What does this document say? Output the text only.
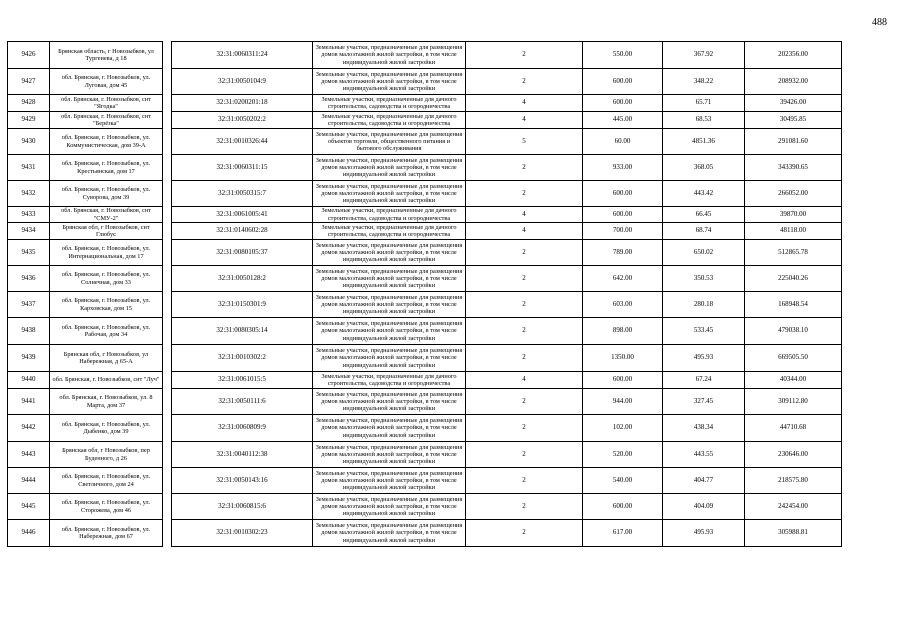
488
9426	Брянская область, г Новозыбков, ул Тургенева, д 18		32:31:0060311:24	Земельные участки, предназначенные для размещения домов малоэтажной жилой застройки, в том числе индивидуальной жилой застройки	2	550.00	367.92	202356.00
9427	обл. Брянская, г. Новозыбков, ул. Луговая, дом 45		32:31:0050104:9	Земельные участки, предназначенные для размещения домов малоэтажной жилой застройки, в том числе индивидуальной жилой застройки	2	600.00	348.22	208932.00
9428	обл. Брянская, г. Новозыбков, снт "Ягодка"		32:31:0200201:18	Земельные участки, предназначенные для дачного строительства, садоводства и огородничества	4	600.00	65.71	39426.00
9429	обл. Брянская, г. Новозыбков, снт "Берёзка"		32:31:0050202:2	Земельные участки, предназначенные для дачного строительства, садоводства и огородничества	4	445.00	68.53	30495.85
9430	обл. Брянская, г. Новозыбков, ул. Коммунистическая, дом 39-А		32:31:0010326:44	Земельные участки, предназначенные для размещения объектов торговли, общественного питания и бытового обслуживания	5	60.00	4851.36	291081.60
9431	обл. Брянская, г. Новозыбков, ул. Крестьянская, дом 17		32:31:0060311:15	Земельные участки, предназначенные для размещения домов малоэтажной жилой застройки, в том числе индивидуальной жилой застройки	2	933.00	368.05	343390.65
9432	обл. Брянская, г. Новозыбков, ул. Суворова, дом 39		32:31:0050315:7	Земельные участки, предназначенные для размещения домов малоэтажной жилой застройки, в том числе индивидуальной жилой застройки	2	600.00	443.42	266052.00
9433	обл. Брянская, г. Новозыбков, снт "СМУ-2"		32:31:0061005:41	Земельные участки, предназначенные для дачного строительства, садоводства и огородничества	4	600.00	66.45	39870.00
9434	Брянская обл, г Новозыбков, снт Глюбус		32:31:0140602:28	Земельные участки, предназначенные для дачного строительства, садоводства и огородничества	4	700.00	68.74	48118.00
9435	обл. Брянская, г. Новозыбков, ул. Интернациональная, дом 17		32:31:0080105:37	Земельные участки, предназначенные для размещения домов малоэтажной жилой застройки, в том числе индивидуальной жилой застройки	2	789.00	650.02	512865.78
9436	обл. Брянская, г. Новозыбков, ул. Солнечная, дом 33		32:31:0050128:2	Земельные участки, предназначенные для размещения домов малоэтажной жилой застройки, в том числе индивидуальной жилой застройки	2	642.00	350.53	225040.26
9437	обл. Брянская, г. Новозыбков, ул. Карховская, дом 15		32:31:0150301:9	Земельные участки, предназначенные для размещения домов малоэтажной жилой застройки, в том числе индивидуальной жилой застройки	2	603.00	280.18	168948.54
9438	обл. Брянская, г. Новозыбков, ул. Рабочая, дом 34		32:31:0080305:14	Земельные участки, предназначенные для размещения домов малоэтажной жилой застройки, в том числе индивидуальной жилой застройки	2	898.00	533.45	479038.10
9439	Брянская обл, г Новозыбков, ул Набережная, д 65-А		32:31:0010302:2	Земельные участки, предназначенные для размещения домов малоэтажной жилой застройки, в том числе индивидуальной жилой застройки	2	1350.00	495.93	669505.50
9440	обл. Брянская, г. Новозыбков, снт "Луч"		32:31:0061015:5	Земельные участки, предназначенные для дачного строительства, садоводства и огородничества	4	600.00	67.24	40344.00
9441	обл. Брянская, г. Новозыбков, ул. 8 Марта, дом 37		32:31:0050111:6	Земельные участки, предназначенные для размещения домов малоэтажной жилой застройки, в том числе индивидуальной жилой застройки	2	944.00	327.45	309112.80
9442	обл. Брянская, г. Новозыбков, ул. Дыбенко, дом 39		32:31:0060809:9	Земельные участки, предназначенные для размещения домов малоэтажной жилой застройки, в том числе индивидуальной жилой застройки	2	102.00	438.34	44710.68
9443	Брянская обл, г Новозыбков, пер Буденного, д 26		32:31:0040112:38	Земельные участки, предназначенные для размещения домов малоэтажной жилой застройки, в том числе индивидуальной жилой застройки	2	520.00	443.55	230646.00
9444	обл. Брянская, г. Новозыбков, ул. Светличного, дом 24		32:31:0050143:16	Земельные участки, предназначенные для размещения домов малоэтажной жилой застройки, в том числе индивидуальной жилой застройки	2	540.00	404.77	218575.80
9445	обл. Брянская, г. Новозыбков, ул. Сторожева, дом 46		32:31:0060815:6	Земельные участки, предназначенные для размещения домов малоэтажной жилой застройки, в том числе индивидуальной жилой застройки	2	600.00	404.09	242454.00
9446	обл. Брянская, г. Новозыбков, ул. Набережная, дом 67		32:31:0010302:23	Земельные участки, предназначенные для размещения домов малоэтажной жилой застройки, в том числе индивидуальной жилой застройки	2	617.00	495.93	305988.81
